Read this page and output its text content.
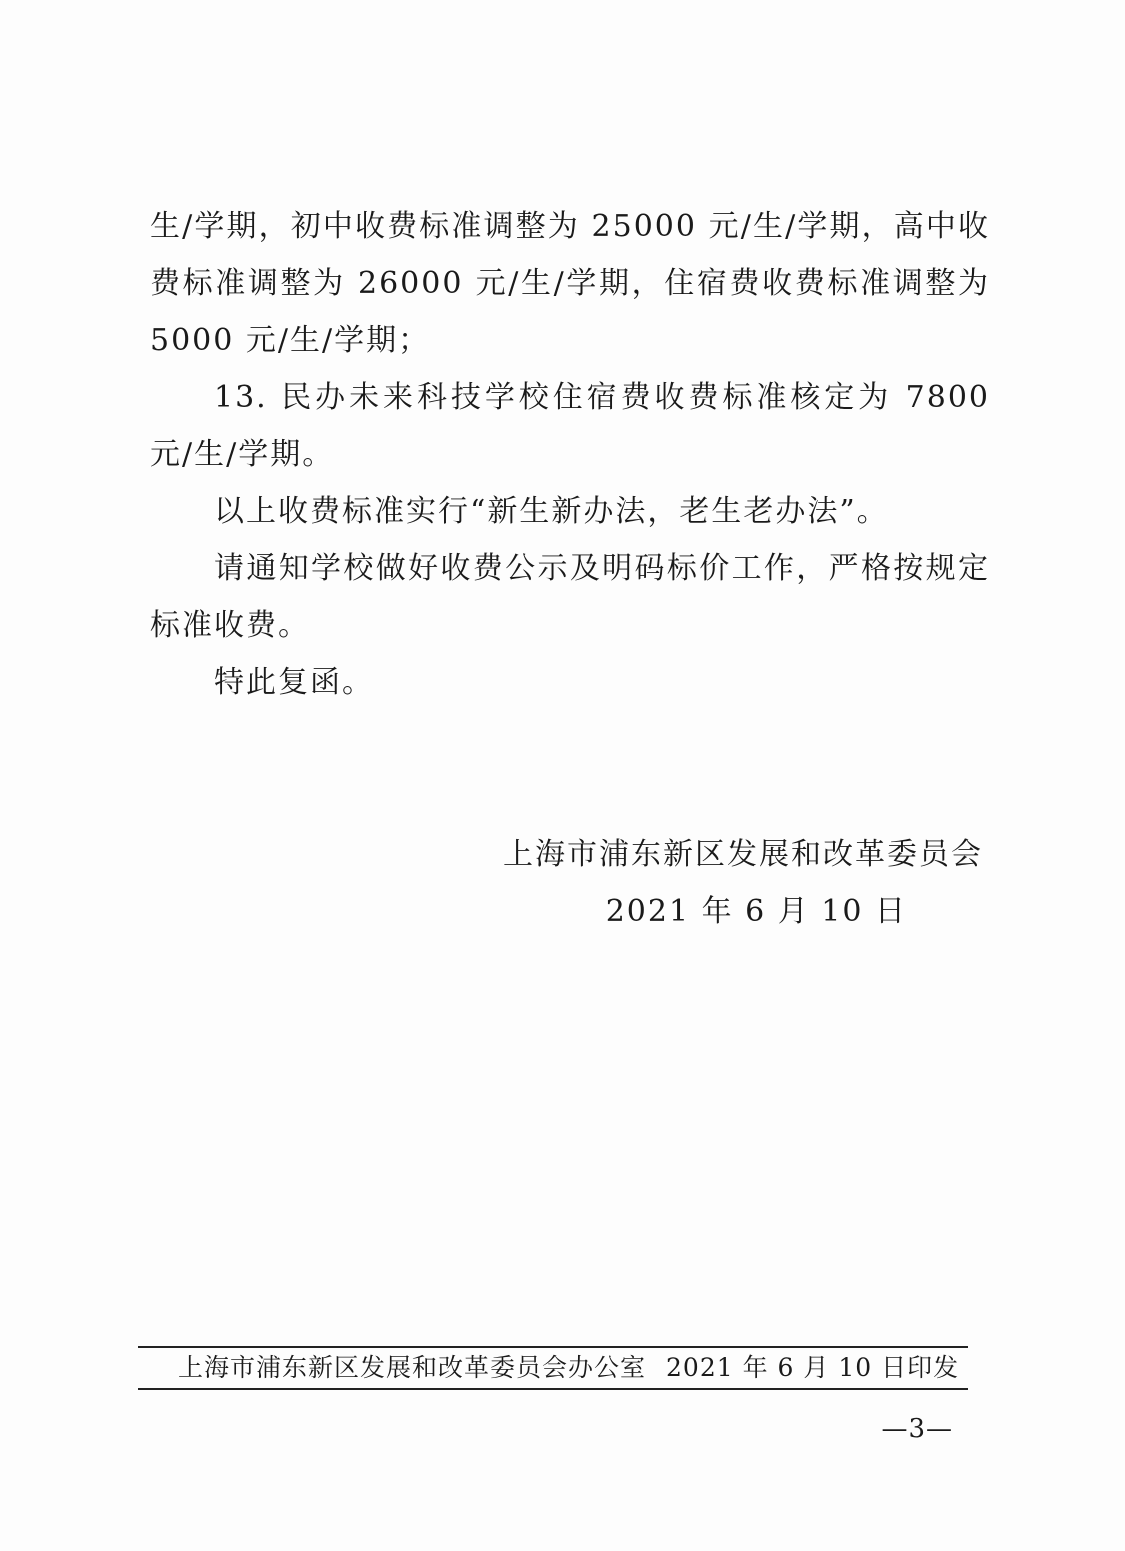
生/学期，初中收费标准调整为 25000 元/生/学期，高中收费标准调整为 26000 元/生/学期，住宿费收费标准调整为 5000 元/生/学期；

13. 民办未来科技学校住宿费收费标准核定为 7800 元/生/学期。

以上收费标准实行“新生新办法，老生老办法”。

请通知学校做好收费公示及明码标价工作，严格按规定标准收费。

特此复函。

上海市浦东新区发展和改革委员会
2021 年 6 月 10 日
上海市浦东新区发展和改革委员会办公室 2021 年 6 月 10 日印发
—3—
